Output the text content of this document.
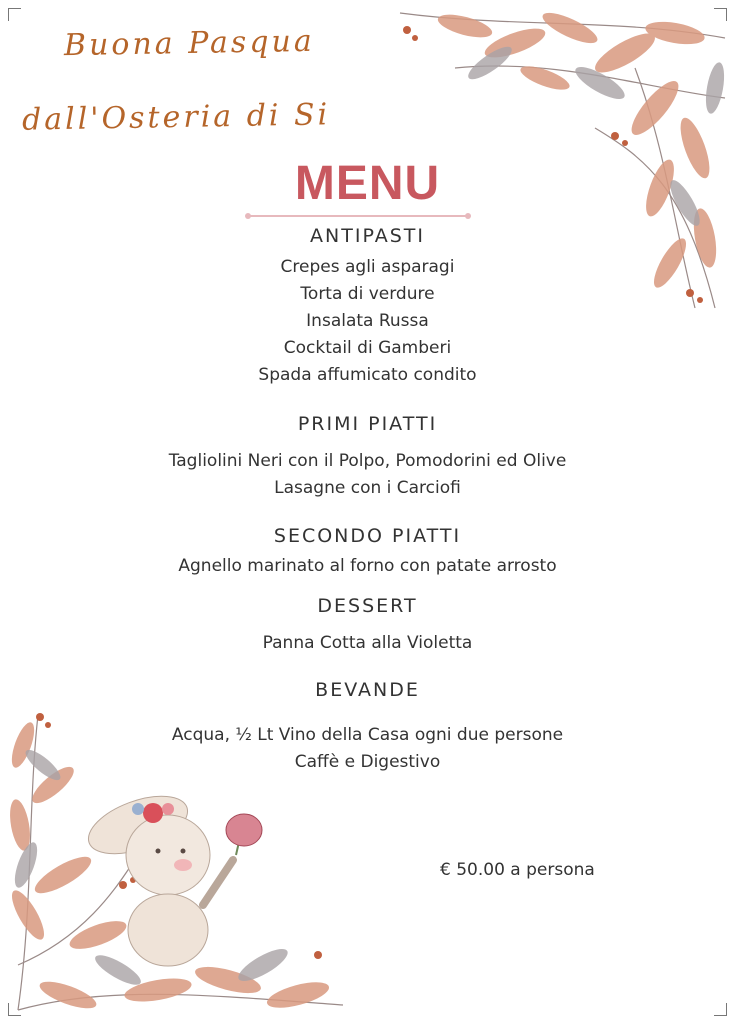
Buona Pasqua
dall'Osteria di Si
MENU
ANTIPASTI
Crepes agli asparagi
Torta di verdure
Insalata Russa
Cocktail di Gamberi
Spada affumicato condito
PRIMI PIATTI
Tagliolini Neri con il Polpo, Pomodorini ed Olive
Lasagne con i Carciofi
SECONDO PIATTI
Agnello marinato al forno con patate arrosto
DESSERT
Panna Cotta alla Violetta
BEVANDE
Acqua, ½ Lt Vino della Casa ogni due persone
Caffè e Digestivo
€ 50.00 a persona
